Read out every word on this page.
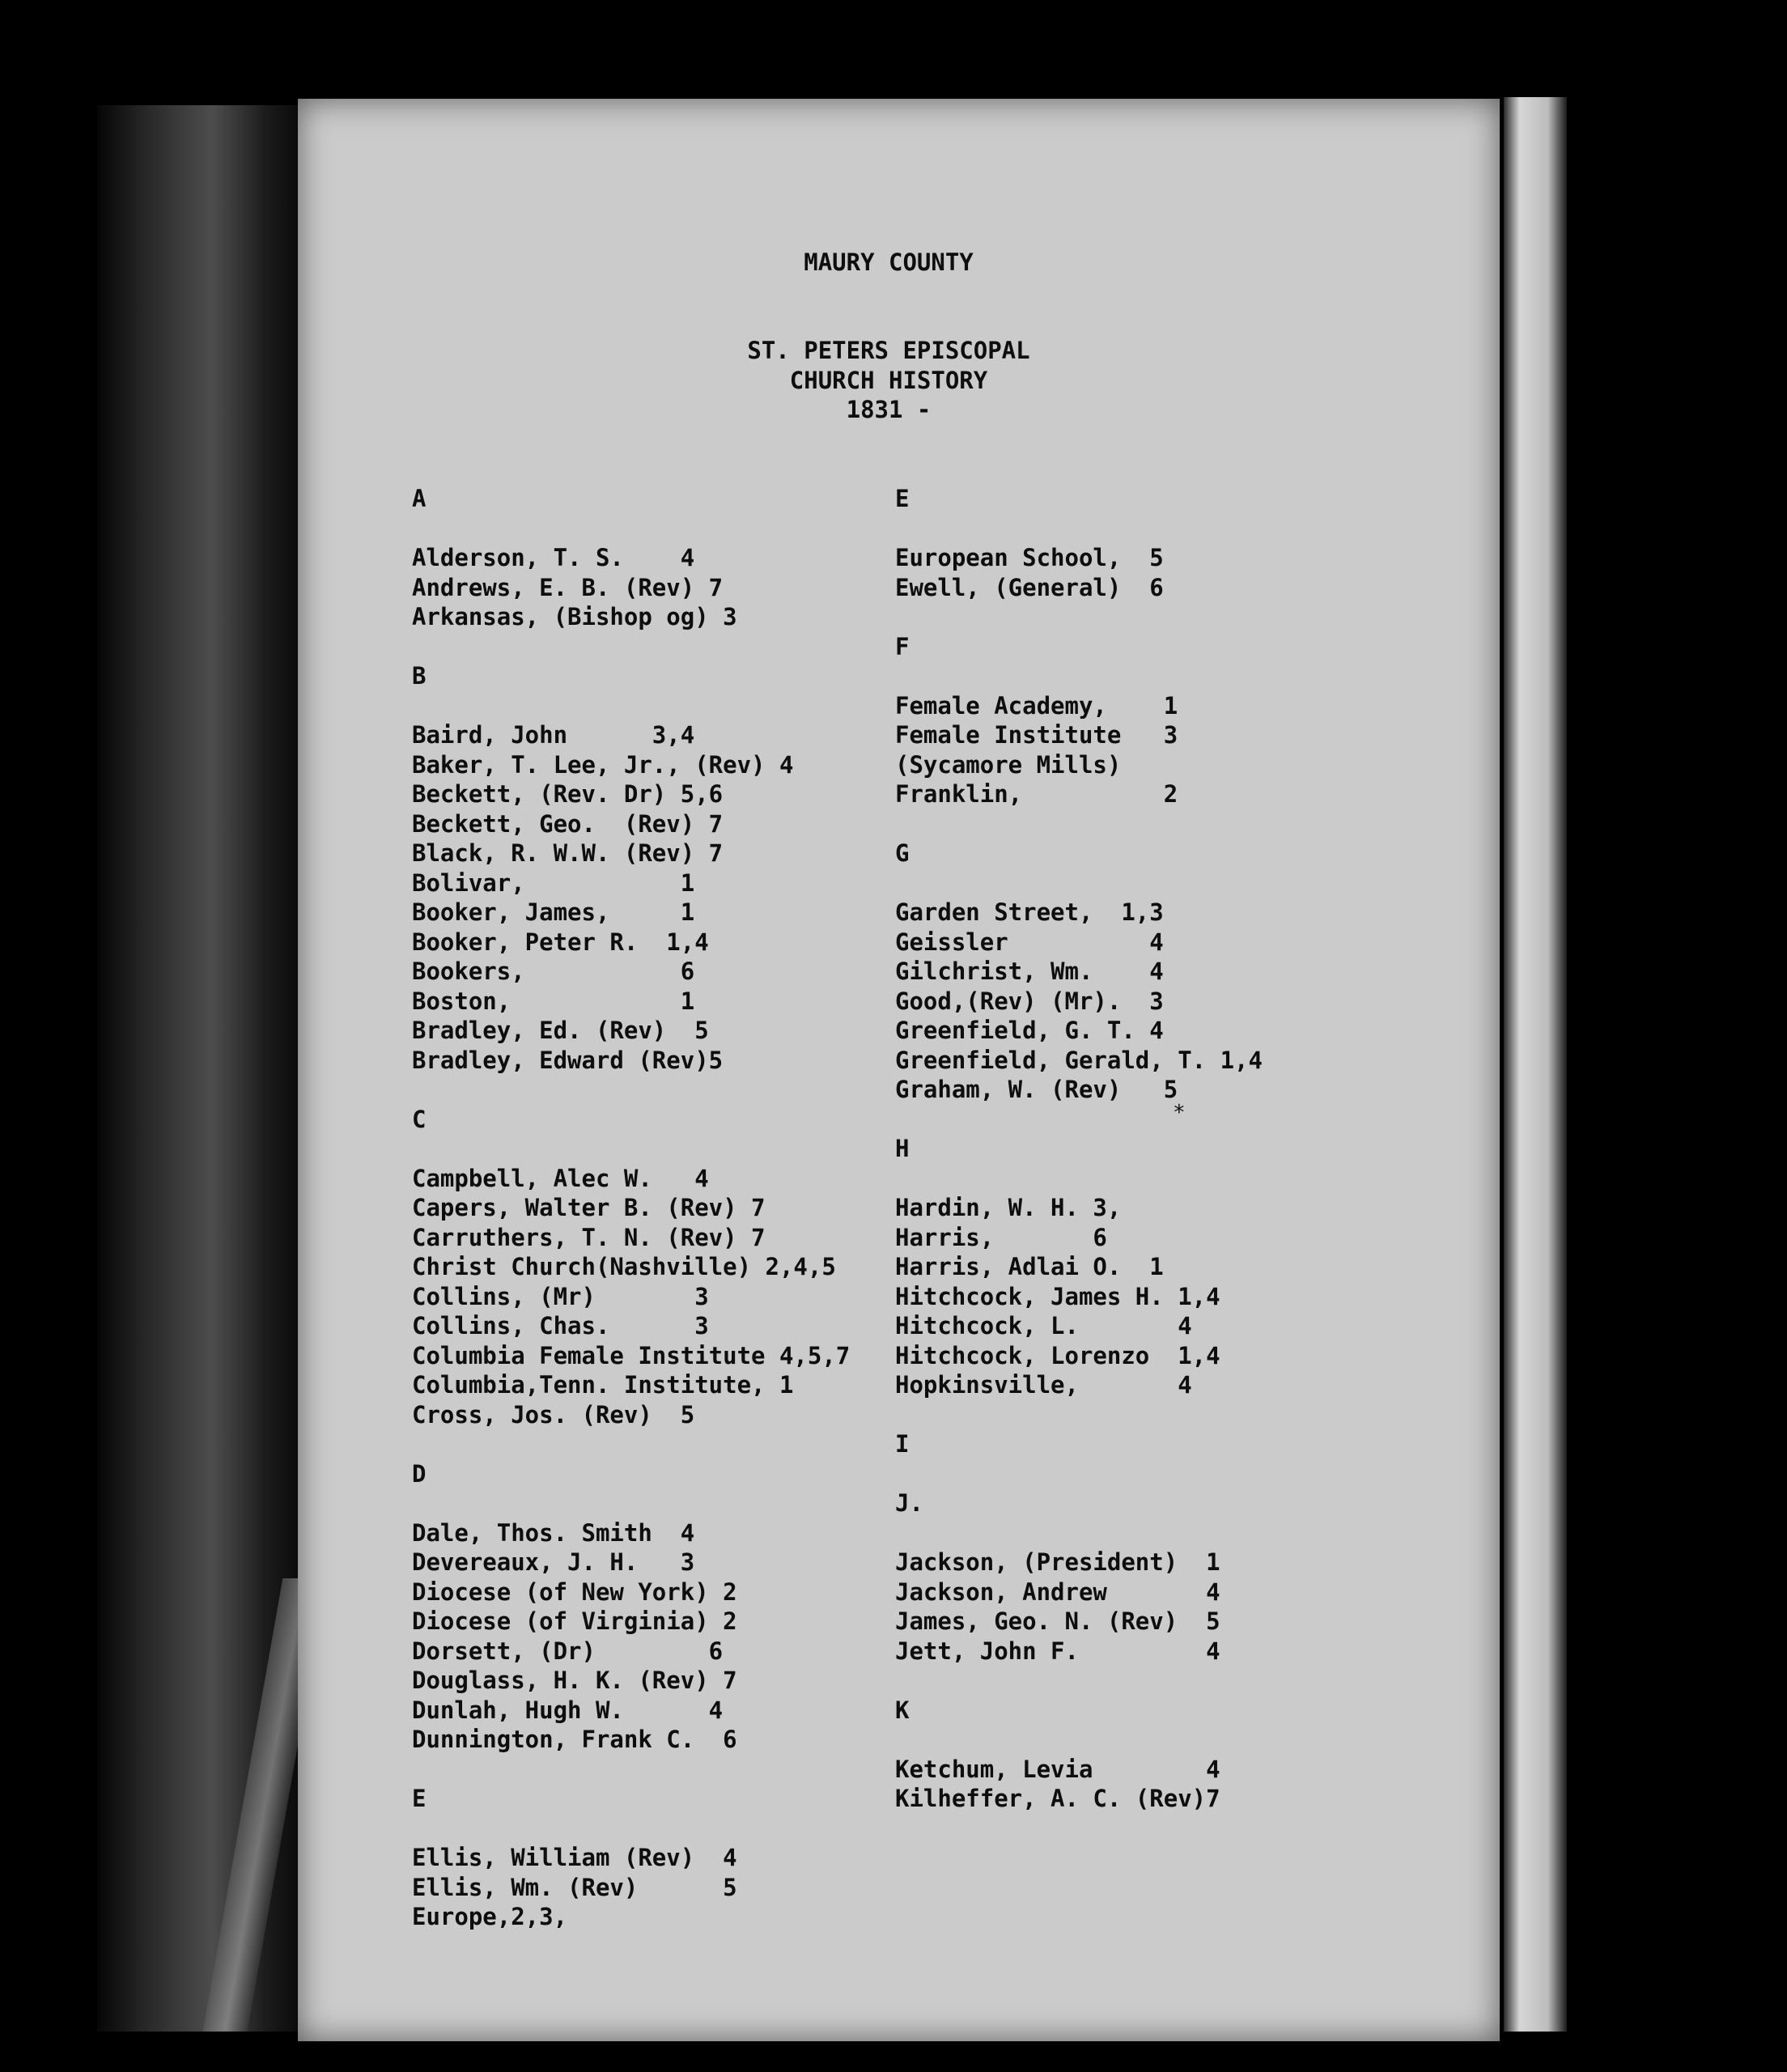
MAURY COUNTY

ST. PETERS EPISCOPAL

CHURCH HISTORY

1831 -

A
Alderson, T. S.    4
Andrews, E. B. (Rev) 7
Arkansas, (Bishop og) 3
B
Baird, John      3,4
Baker, T. Lee, Jr., (Rev) 4
Beckett, (Rev. Dr) 5,6
Beckett, Geo.  (Rev) 7
Black, R. W.W. (Rev) 7
Bolivar,           1
Booker, James,     1
Booker, Peter R.  1,4
Bookers,           6
Boston,            1
Bradley, Ed. (Rev)  5
Bradley, Edward (Rev)5
C
Campbell, Alec W.   4
Capers, Walter B. (Rev) 7
Carruthers, T. N. (Rev) 7
Christ Church(Nashville) 2,4,5
Collins, (Mr)       3
Collins, Chas.      3
Columbia Female Institute 4,5,7
Columbia,Tenn. Institute, 1
Cross, Jos. (Rev)  5
D
Dale, Thos. Smith  4
Devereaux, J. H.   3
Diocese (of New York) 2
Diocese (of Virginia) 2
Dorsett, (Dr)        6
Douglass, H. K. (Rev) 7
Dunlah, Hugh W.      4
Dunnington, Frank C.  6
E
Ellis, William (Rev)  4
Ellis, Wm. (Rev)      5
Europe,2,3,

E
European School,  5
Ewell, (General)  6
F
Female Academy,    1
Female Institute   3
(Sycamore Mills)
Franklin,          2
G
Garden Street,  1,3
Geissler          4
Gilchrist, Wm.    4
Good,(Rev) (Mr).  3
Greenfield, G. T. 4
Greenfield, Gerald, T. 1,4
Graham, W. (Rev)   5
H
Hardin, W. H. 3,
Harris,       6
Harris, Adlai O.  1
Hitchcock, James H. 1,4
Hitchcock, L.       4
Hitchcock, Lorenzo  1,4
Hopkinsville,       4
I
J.
Jackson, (President)  1
Jackson, Andrew       4
James, Geo. N. (Rev)  5
Jett, John F.         4
K
Ketchum, Levia        4
Kilheffer, A. C. (Rev)7

*
